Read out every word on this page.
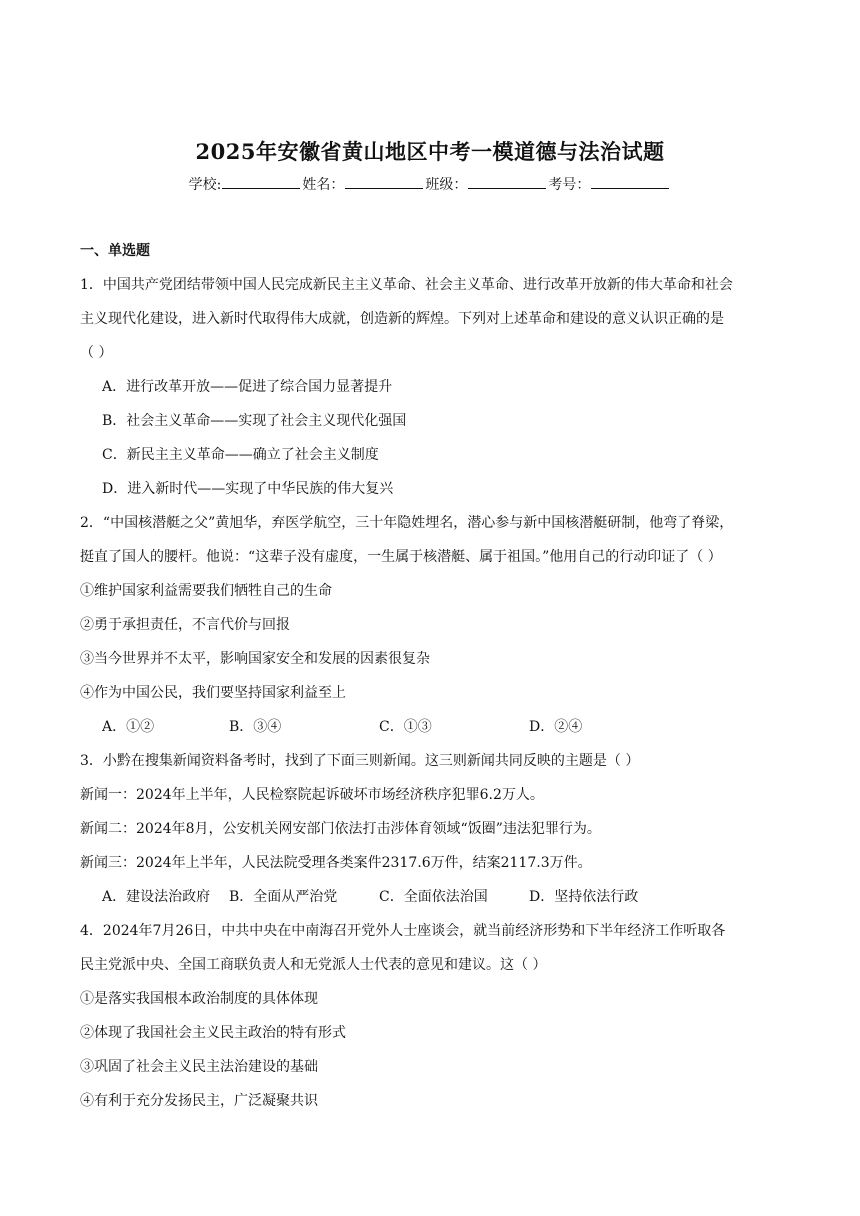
2025年安徽省黄山地区中考一模道德与法治试题
学校:	姓名：	班级：	考号：
一、单选题

1．中国共产党团结带领中国人民完成新民主主义革命、社会主义革命、进行改革开放新的伟大革命和社会

主义现代化建设，进入新时代取得伟大成就，创造新的辉煌。下列对上述革命和建设的意义认识正确的是

（ ）

A．进行改革开放——促进了综合国力显著提升

B．社会主义革命——实现了社会主义现代化强国

C．新民主主义革命——确立了社会主义制度

D．进入新时代——实现了中华民族的伟大复兴

2．“中国核潜艇之父”黄旭华，弃医学航空，三十年隐姓埋名，潜心参与新中国核潜艇研制，他弯了脊梁，

挺直了国人的腰杆。他说：“这辈子没有虚度，一生属于核潜艇、属于祖国。”他用自己的行动印证了（ ）

①维护国家利益需要我们牺牲自己的生命

②勇于承担责任，不言代价与回报

③当今世界并不太平，影响国家安全和发展的因素很复杂

④作为中国公民，我们要坚持国家利益至上

A．①②	B．③④	C．①③	D．②④

3．小黔在搜集新闻资料备考时，找到了下面三则新闻。这三则新闻共同反映的主题是（ ）

新闻一：2024年上半年，人民检察院起诉破坏市场经济秩序犯罪6.2万人。

新闻二：2024年8月，公安机关网安部门依法打击涉体育领域“饭圈”违法犯罪行为。

新闻三：2024年上半年，人民法院受理各类案件2317.6万件，结案2117.3万件。

A．建设法治政府	B．全面从严治党	C．全面依法治国	D．坚持依法行政

4．2024年7月26日，中共中央在中南海召开党外人士座谈会，就当前经济形势和下半年经济工作听取各

民主党派中央、全国工商联负责人和无党派人士代表的意见和建议。这（ ）

①是落实我国根本政治制度的具体体现

②体现了我国社会主义民主政治的特有形式

③巩固了社会主义民主法治建设的基础

④有利于充分发扬民主，广泛凝聚共识
